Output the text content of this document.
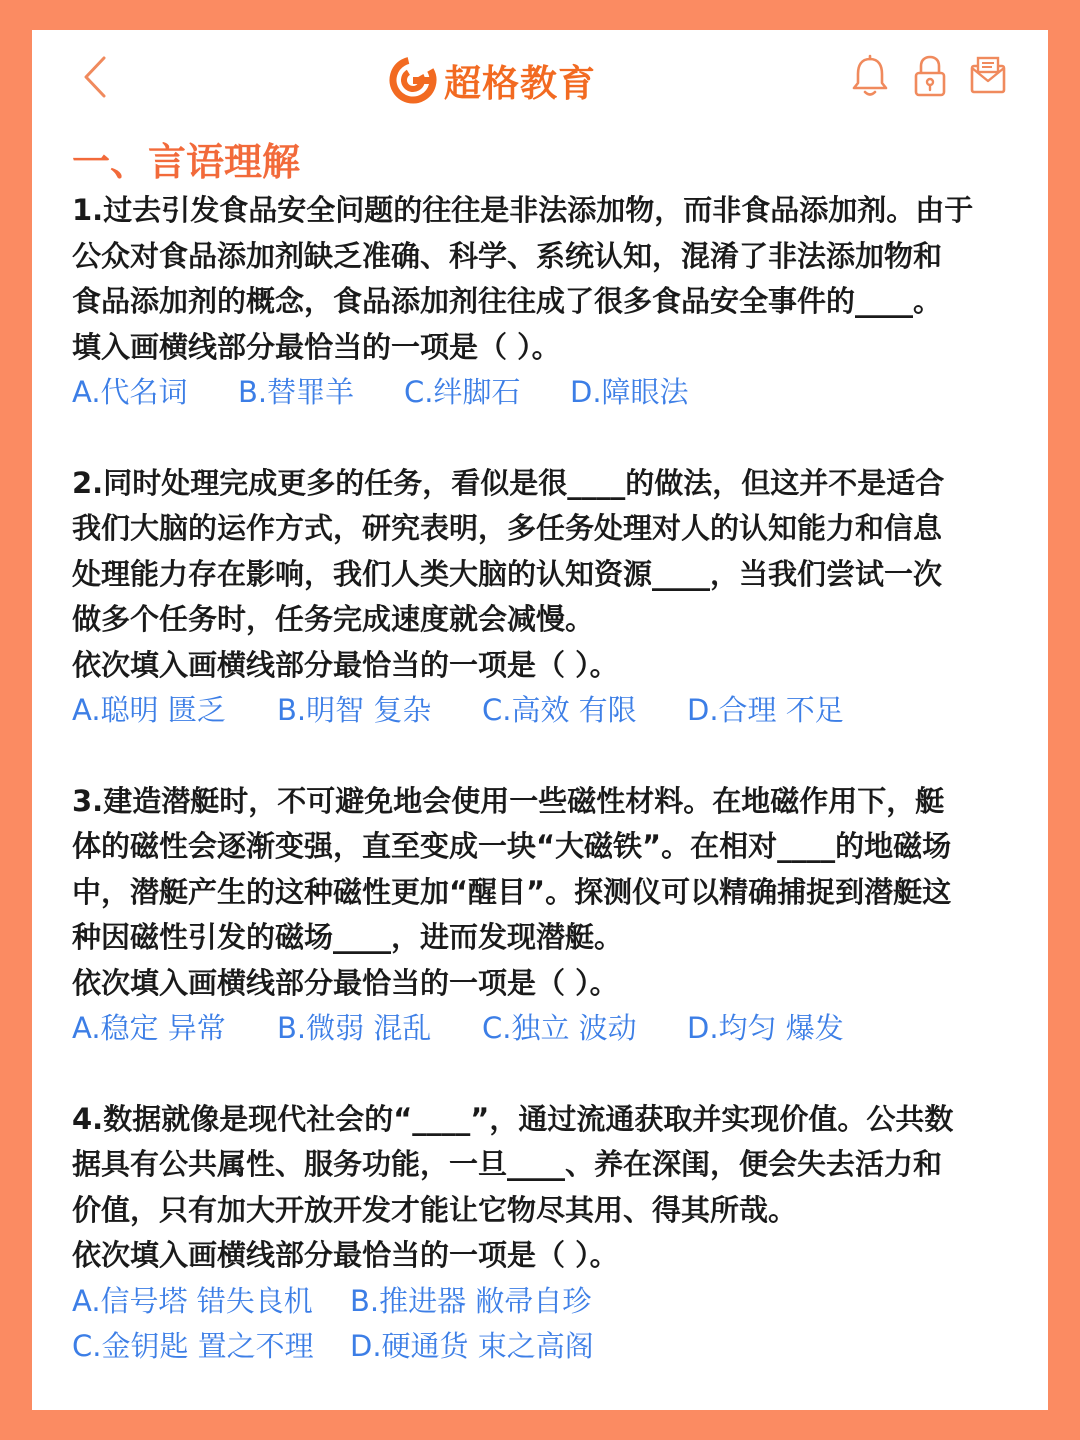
超格教育
一、言语理解
1.过去引发食品安全问题的往往是非法添加物，而非食品添加剂。由于
公众对食品添加剂缺乏准确、科学、系统认知，混淆了非法添加物和
食品添加剂的概念，食品添加剂往往成了很多食品安全事件的____。
填入画横线部分最恰当的一项是（ ）。
A.代名词 B.替罪羊 C.绊脚石 D.障眼法
2.同时处理完成更多的任务，看似是很____的做法，但这并不是适合
我们大脑的运作方式，研究表明，多任务处理对人的认知能力和信息
处理能力存在影响，我们人类大脑的认知资源____，当我们尝试一次
做多个任务时，任务完成速度就会减慢。
依次填入画横线部分最恰当的一项是（ ）。
A.聪明 匮乏 B.明智 复杂 C.高效 有限 D.合理 不足
3.建造潜艇时，不可避免地会使用一些磁性材料。在地磁作用下，艇
体的磁性会逐渐变强，直至变成一块“大磁铁”。在相对____的地磁场
中，潜艇产生的这种磁性更加“醒目”。探测仪可以精确捕捉到潜艇这
种因磁性引发的磁场____，进而发现潜艇。
依次填入画横线部分最恰当的一项是（ ）。
A.稳定 异常 B.微弱 混乱 C.独立 波动 D.均匀 爆发
4.数据就像是现代社会的“____”，通过流通获取并实现价值。公共数
据具有公共属性、服务功能，一旦____、养在深闺，便会失去活力和
价值，只有加大开放开发才能让它物尽其用、得其所哉。
依次填入画横线部分最恰当的一项是（ ）。
A.信号塔 错失良机 B.推进器 敝帚自珍
C.金钥匙 置之不理 D.硬通货 束之高阁
